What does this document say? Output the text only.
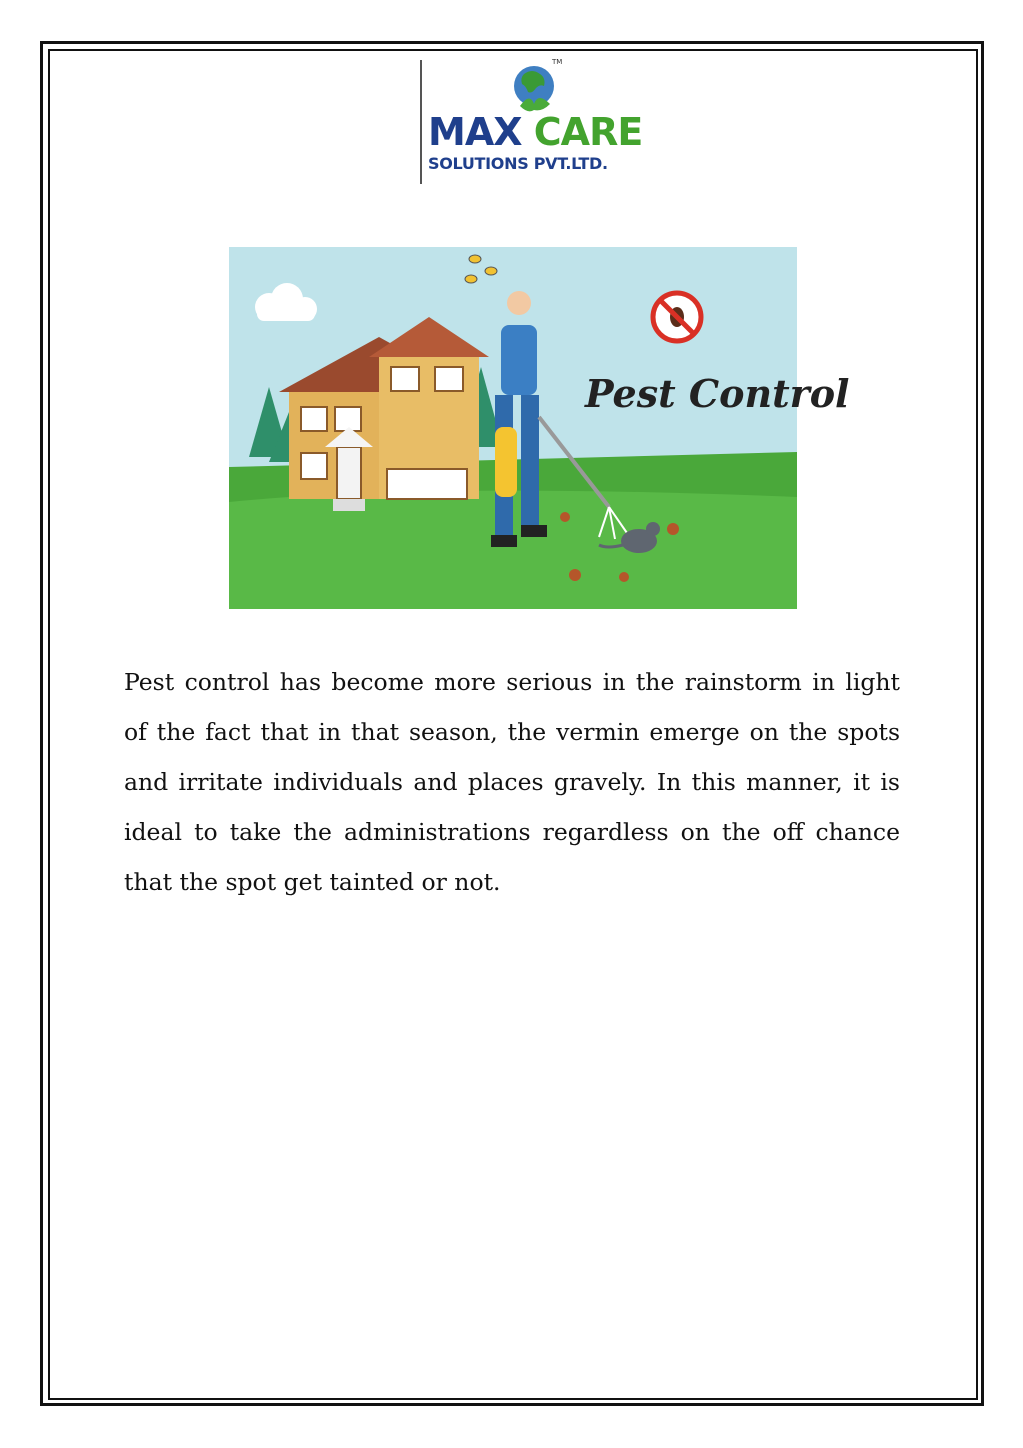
TM
MAX CARE
SOLUTIONS PVT.LTD.
Pest Control

Pest control has become more serious in the rainstorm in light of the fact that in that season, the vermin emerge on the spots and irritate individuals and places gravely. In this manner, it is ideal to take the administrations regardless on the off chance that the spot get tainted or not.
